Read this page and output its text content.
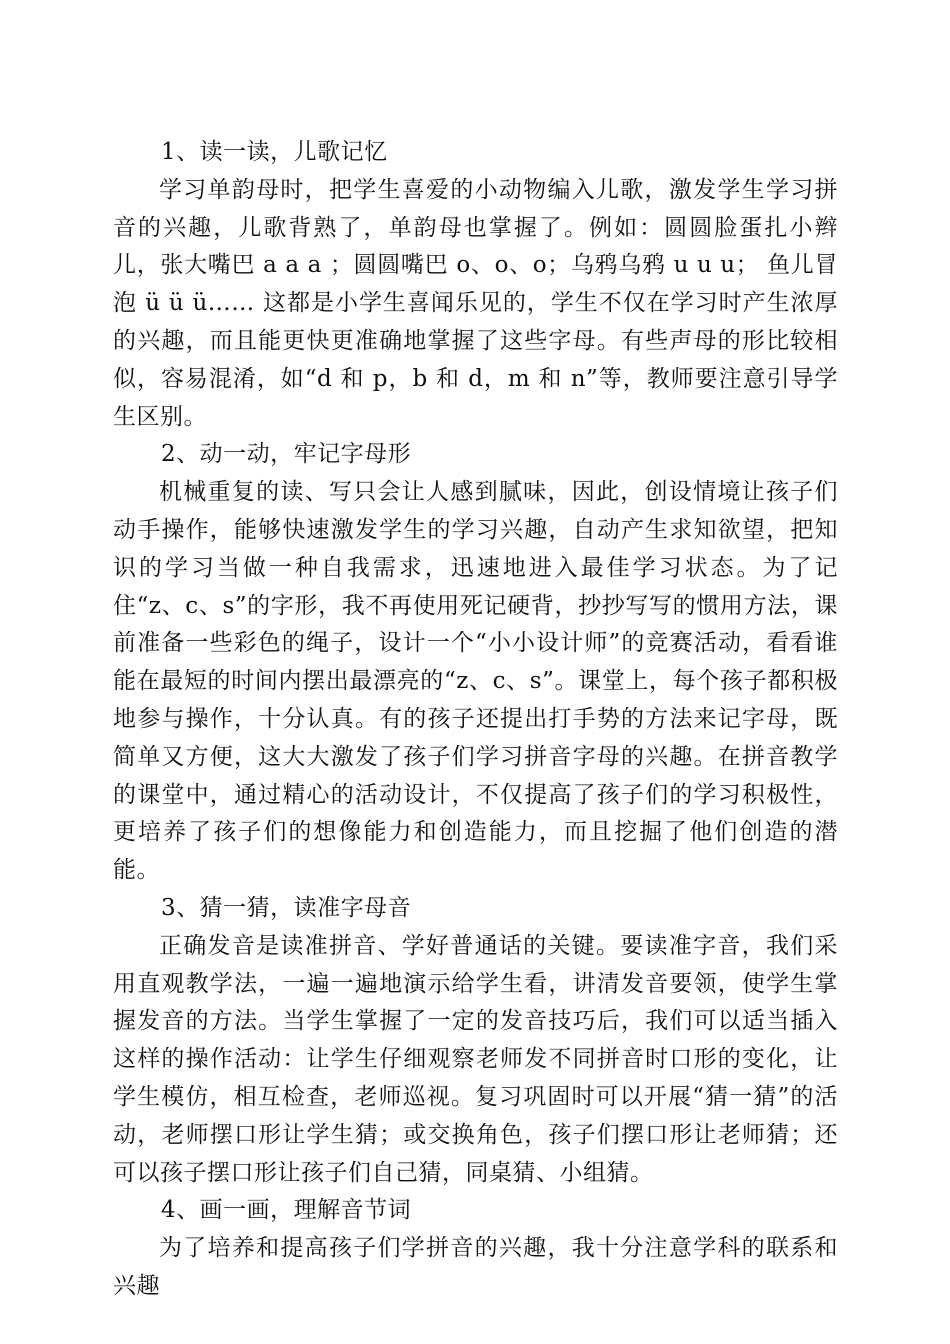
1、读一读，儿歌记忆

学习单韵母时，把学生喜爱的小动物编入儿歌，激发学生学习拼音的兴趣，儿歌背熟了，单韵母也掌握了。例如：圆圆脸蛋扎小辫儿，张大嘴巴 a a a ；圆圆嘴巴 o、o、o；乌鸦乌鸦 u u u； 鱼儿冒泡 ü ü ü…… 这都是小学生喜闻乐见的，学生不仅在学习时产生浓厚的兴趣，而且能更快更准确地掌握了这些字母。有些声母的形比较相似，容易混淆，如“d 和 p，b 和 d，m 和 n”等，教师要注意引导学生区别。

2、动一动，牢记字母形

机械重复的读、写只会让人感到腻味，因此，创设情境让孩子们动手操作，能够快速激发学生的学习兴趣，自动产生求知欲望，把知识的学习当做一种自我需求，迅速地进入最佳学习状态。为了记住“z、c、s”的字形，我不再使用死记硬背，抄抄写写的惯用方法，课前准备一些彩色的绳子，设计一个“小小设计师”的竞赛活动，看看谁能在最短的时间内摆出最漂亮的“z、c、s”。课堂上，每个孩子都积极地参与操作，十分认真。有的孩子还提出打手势的方法来记字母，既简单又方便，这大大激发了孩子们学习拼音字母的兴趣。在拼音教学的课堂中，通过精心的活动设计，不仅提高了孩子们的学习积极性，更培养了孩子们的想像能力和创造能力，而且挖掘了他们创造的潜能。

3、猜一猜，读准字母音

正确发音是读准拼音、学好普通话的关键。要读准字音，我们采用直观教学法，一遍一遍地演示给学生看，讲清发音要领，使学生掌握发音的方法。当学生掌握了一定的发音技巧后，我们可以适当插入这样的操作活动：让学生仔细观察老师发不同拼音时口形的变化，让学生模仿，相互检查，老师巡视。复习巩固时可以开展“猜一猜”的活动，老师摆口形让学生猜；或交换角色，孩子们摆口形让老师猜；还可以孩子摆口形让孩子们自己猜，同桌猜、小组猜。

4、画一画，理解音节词

为了培养和提高孩子们学拼音的兴趣，我十分注意学科的联系和兴趣
